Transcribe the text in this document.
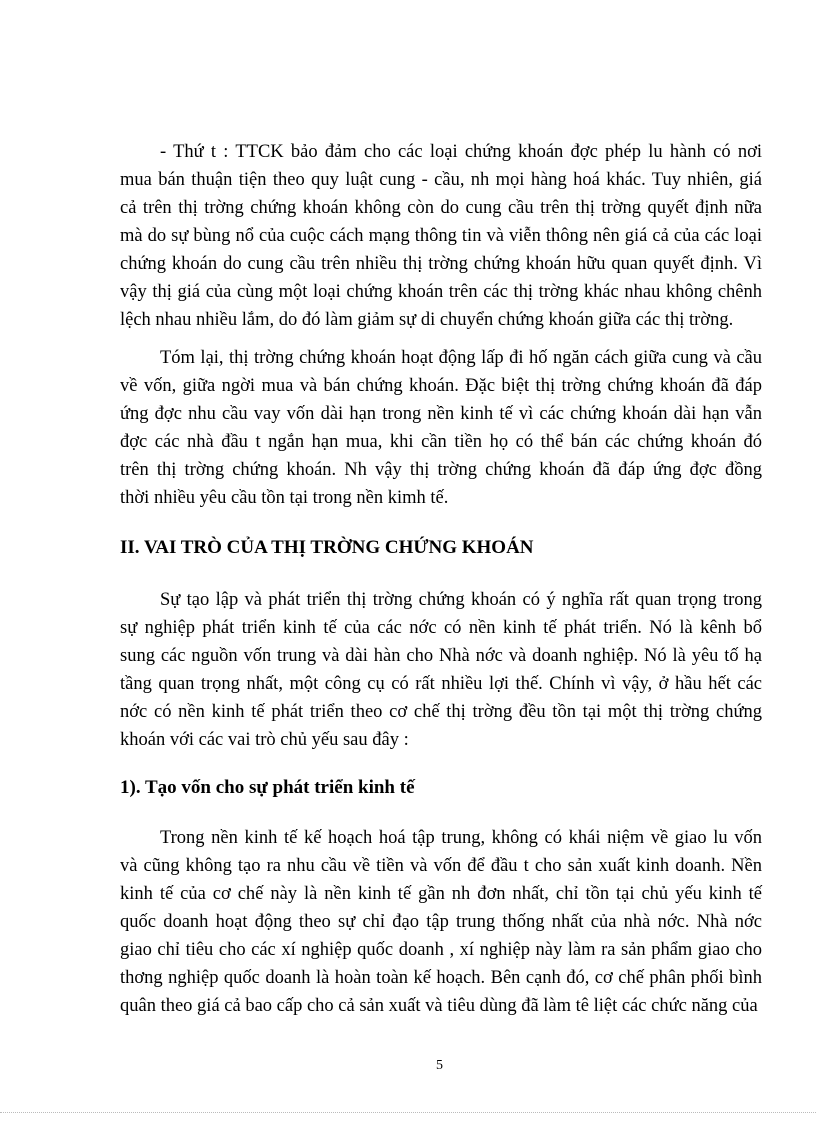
- Thứ t : TTCK bảo đảm cho các loại chứng khoán đợc phép lu hành có nơi
mua bán thuận tiện theo quy luật cung - cầu, nh mọi hàng hoá khác. Tuy nhiên, giá
cả trên thị trờng chứng khoán không còn do cung cầu trên thị trờng quyết định nữa
mà do sự bùng nổ của cuộc cách mạng thông tin và viễn thông nên giá cả của các loại
chứng khoán do cung cầu trên nhiều thị trờng chứng khoán hữu quan quyết định. Vì
vậy thị giá của cùng một loại chứng khoán trên các thị trờng khác nhau không chênh
lệch nhau nhiều lắm, do đó làm giảm sự di chuyển chứng khoán giữa các thị trờng.
Tóm lại, thị trờng chứng khoán hoạt động lấp đi hố ngăn cách giữa cung và cầu
về vốn, giữa ngời mua và bán chứng khoán. Đặc biệt thị trờng chứng khoán đã đáp
ứng đợc nhu cầu vay vốn dài hạn trong nền kinh tế vì các chứng khoán dài hạn vẫn
đợc các nhà đầu t ngắn hạn mua, khi cần tiền họ có thể bán các chứng khoán đó
trên thị trờng chứng khoán. Nh vậy thị trờng chứng khoán đã đáp ứng đợc đồng
thời nhiều yêu cầu tồn tại trong nền kimh tế.
II. VAI TRÒ CỦA THỊ TRỜNG CHỨNG KHOÁN
Sự tạo lập và phát triển thị trờng chứng khoán có ý nghĩa rất quan trọng trong
sự nghiệp phát triển kinh tế của các nớc có nền kinh tế phát triển. Nó là kênh bổ
sung các nguồn vốn trung và dài hàn cho Nhà nớc và doanh nghiệp. Nó là yêu tố hạ
tầng quan trọng nhất, một công cụ có rất nhiều lợi thế. Chính vì vậy, ở hầu hết các
nớc có nền kinh tế phát triển theo cơ chế thị trờng đều tồn tại một thị trờng chứng
khoán với các vai trò chủ yếu sau đây :
1). Tạo vốn cho sự phát triển kinh tế
Trong nền kinh tế kế hoạch hoá tập trung, không có khái niệm về giao lu vốn
và cũng không tạo ra nhu cầu về tiền và vốn để đầu t cho sản xuất kinh doanh. Nền
kinh tế của cơ chế này là nền kinh tế gần nh đơn nhất, chỉ tồn tại chủ yếu kinh tế
quốc doanh hoạt động theo sự chỉ đạo tập trung thống nhất của nhà nớc. Nhà nớc
giao chỉ tiêu cho các xí nghiệp quốc doanh , xí nghiệp này làm ra sản phẩm giao cho
thơng nghiệp quốc doanh là hoàn toàn kế hoạch. Bên cạnh đó, cơ chế phân phối bình
quân theo giá cả bao cấp cho cả sản xuất và tiêu dùng đã làm tê liệt các chức năng của
5
